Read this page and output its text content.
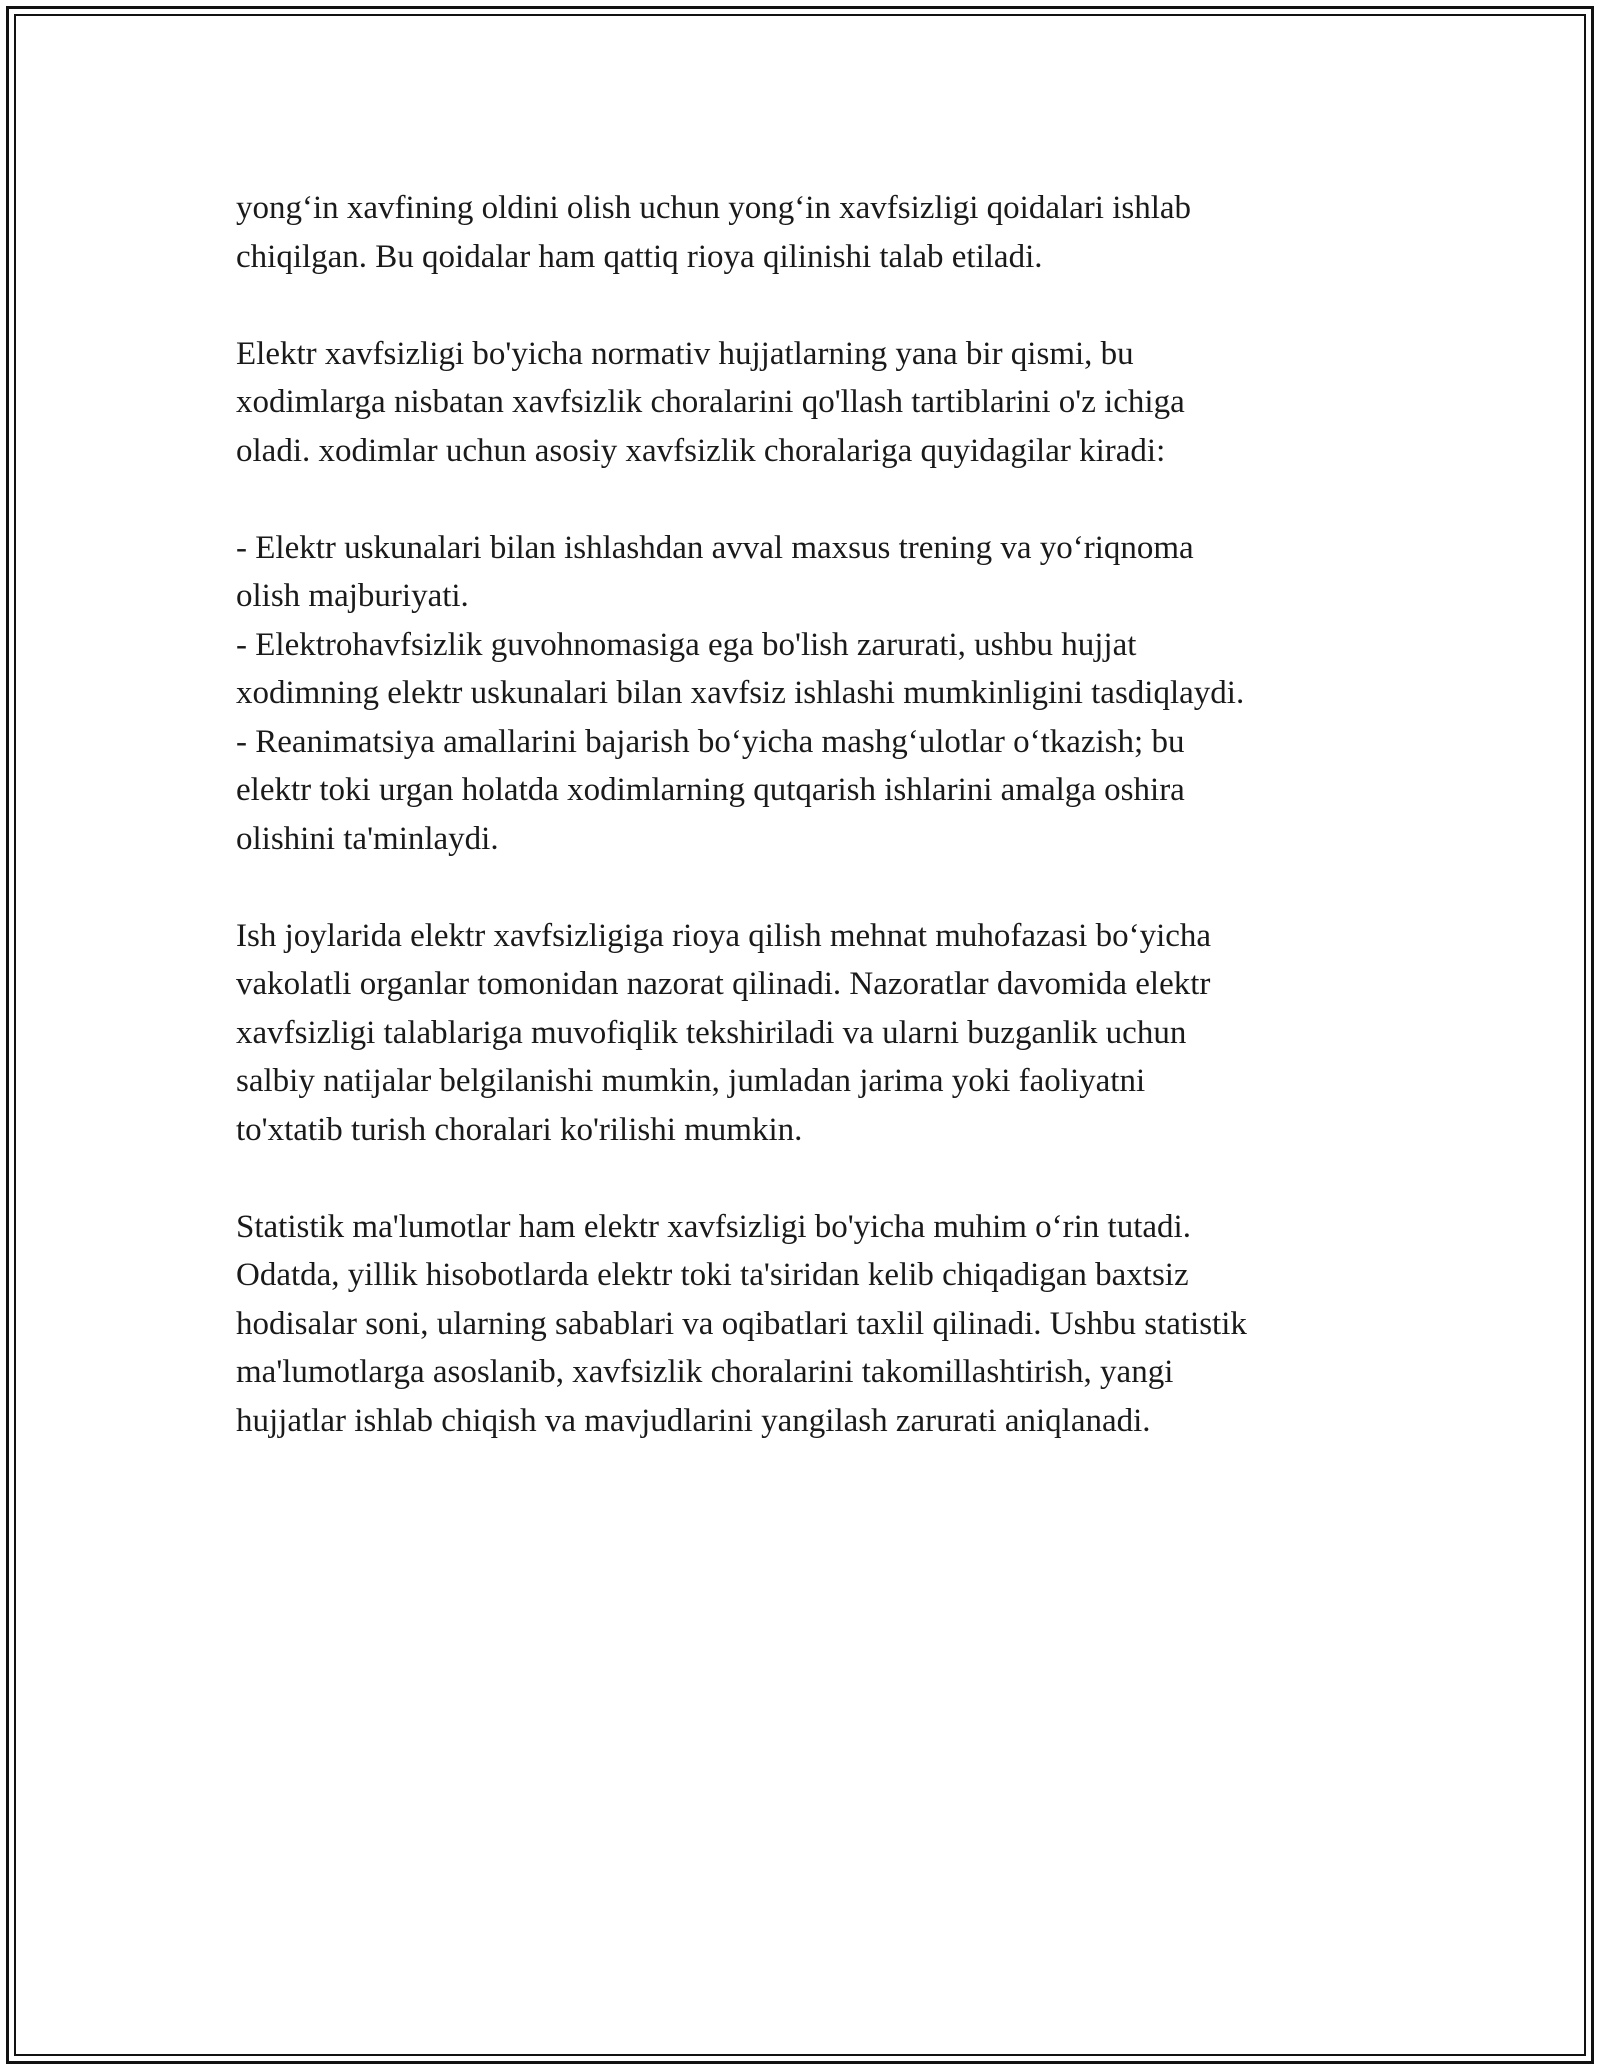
yong‘in xavfining oldini olish uchun yong‘in xavfsizligi qoidalari ishlab
chiqilgan. Bu qoidalar ham qattiq rioya qilinishi talab etiladi.
Elektr xavfsizligi bo'yicha normativ hujjatlarning yana bir qismi, bu
xodimlarga nisbatan xavfsizlik choralarini qo'llash tartiblarini o'z ichiga
oladi. xodimlar uchun asosiy xavfsizlik choralariga quyidagilar kiradi:
- Elektr uskunalari bilan ishlashdan avval maxsus trening va yo‘riqnoma
olish majburiyati.
- Elektrohavfsizlik guvohnomasiga ega bo'lish zarurati, ushbu hujjat
xodimning elektr uskunalari bilan xavfsiz ishlashi mumkinligini tasdiqlaydi.
- Reanimatsiya amallarini bajarish bo‘yicha mashg‘ulotlar o‘tkazish; bu
elektr toki urgan holatda xodimlarning qutqarish ishlarini amalga oshira
olishini ta'minlaydi.
Ish joylarida elektr xavfsizligiga rioya qilish mehnat muhofazasi bo‘yicha
vakolatli organlar tomonidan nazorat qilinadi. Nazoratlar davomida elektr
xavfsizligi talablariga muvofiqlik tekshiriladi va ularni buzganlik uchun
salbiy natijalar belgilanishi mumkin, jumladan jarima yoki faoliyatni
to'xtatib turish choralari ko'rilishi mumkin.
Statistik ma'lumotlar ham elektr xavfsizligi bo'yicha muhim o‘rin tutadi.
Odatda, yillik hisobotlarda elektr toki ta'siridan kelib chiqadigan baxtsiz
hodisalar soni, ularning sabablari va oqibatlari taxlil qilinadi. Ushbu statistik
ma'lumotlarga asoslanib, xavfsizlik choralarini takomillashtirish, yangi
hujjatlar ishlab chiqish va mavjudlarini yangilash zarurati aniqlanadi.
